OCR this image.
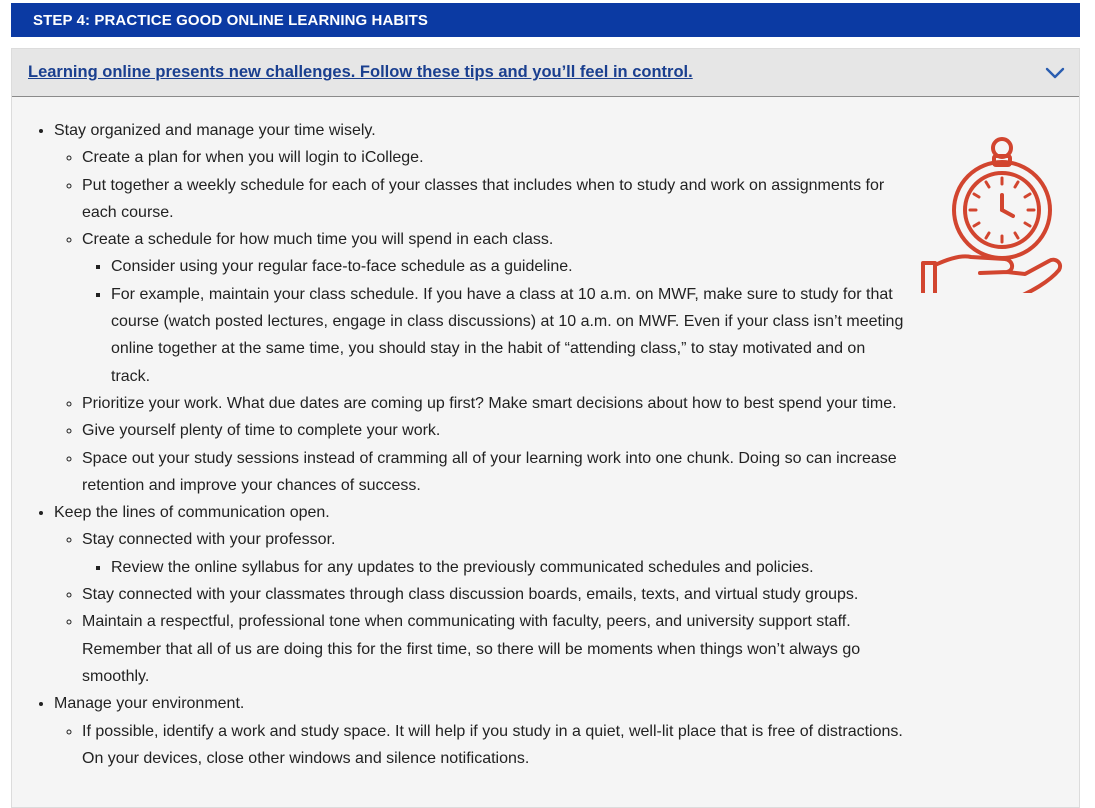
STEP 4: PRACTICE GOOD ONLINE LEARNING HABITS
Learning online presents new challenges. Follow these tips and you’ll feel in control.
• Stay organized and manage your time wisely.
◦ Create a plan for when you will login to iCollege.
◦ Put together a weekly schedule for each of your classes that includes when to study and work on assignments for each course.
◦ Create a schedule for how much time you will spend in each class.
▪ Consider using your regular face-to-face schedule as a guideline.
▪ For example, maintain your class schedule. If you have a class at 10 a.m. on MWF, make sure to study for that course (watch posted lectures, engage in class discussions) at 10 a.m. on MWF. Even if your class isn’t meeting online together at the same time, you should stay in the habit of “attending class,” to stay motivated and on track.
◦ Prioritize your work. What due dates are coming up first? Make smart decisions about how to best spend your time.
◦ Give yourself plenty of time to complete your work.
◦ Space out your study sessions instead of cramming all of your learning work into one chunk. Doing so can increase retention and improve your chances of success.
• Keep the lines of communication open.
◦ Stay connected with your professor.
▪ Review the online syllabus for any updates to the previously communicated schedules and policies.
◦ Stay connected with your classmates through class discussion boards, emails, texts, and virtual study groups.
◦ Maintain a respectful, professional tone when communicating with faculty, peers, and university support staff. Remember that all of us are doing this for the first time, so there will be moments when things won’t always go smoothly.
• Manage your environment.
◦ If possible, identify a work and study space. It will help if you study in a quiet, well-lit place that is free of distractions. On your devices, close other windows and silence notifications.
